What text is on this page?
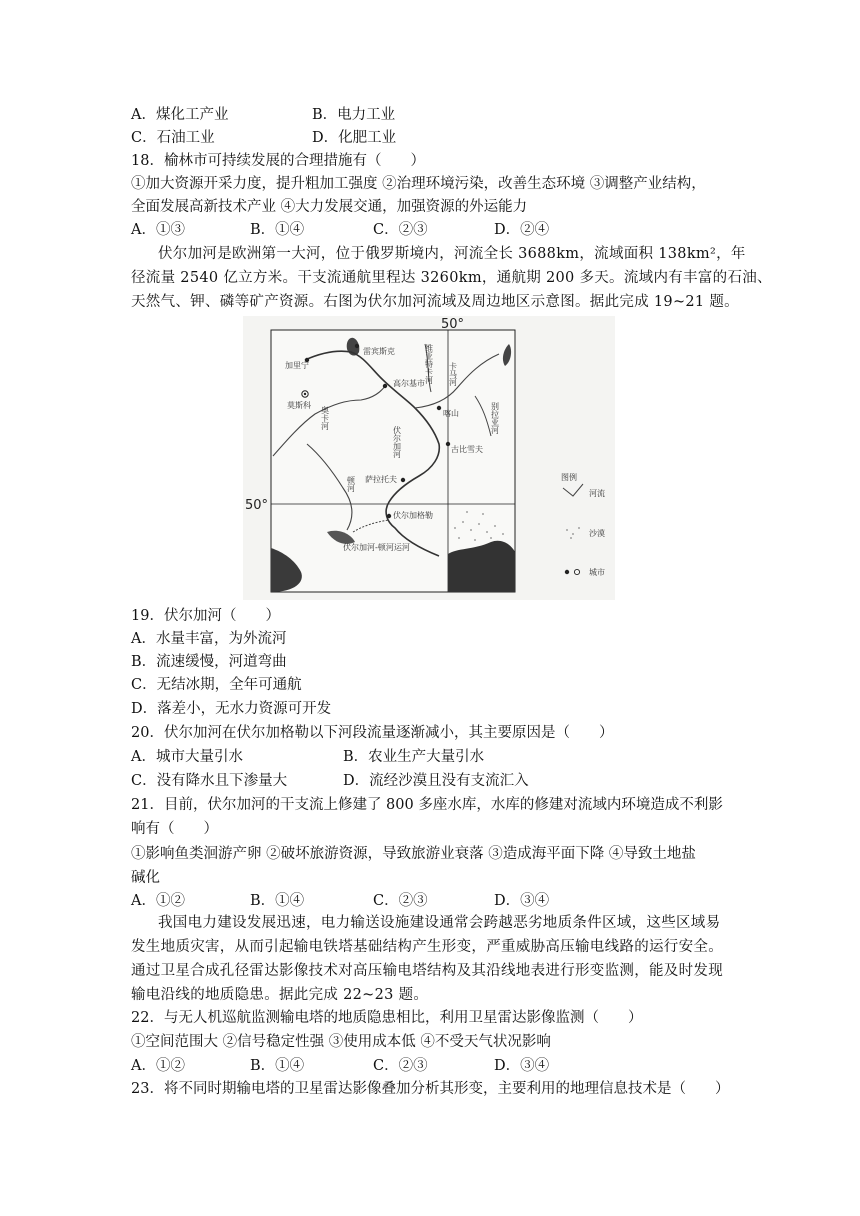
A．煤化工产业	B．电力工业
C．石油工业	D．化肥工业
18．榆林市可持续发展的合理措施有（　　）
①加大资源开采力度，提升粗加工强度 ②治理环境污染，改善生态环境 ③调整产业结构，
全面发展高新技术产业 ④大力发展交通，加强资源的外运能力
A．①③	B．①④	C．②③	D．②④
伏尔加河是欧洲第一大河，位于俄罗斯境内，河流全长 3688km，流域面积 138km²，年
径流量 2540 亿立方米。干支流通航里程达 3260km，通航期 200 多天。流域内有丰富的石油、
天然气、钾、磷等矿产资源。右图为伏尔加河流域及周边地区示意图。据此完成 19~21 题。
50°
50°
加里宁
雷宾斯克
莫斯科
高尔基市
喀山
古比雪夫
萨拉托夫
伏尔加格勒
奥卡河
伏尔加河
卡马河
维亚特卡河
别拉亚河
顿河
伏尔加河-顿河运河
图例
河流
沙漠
城市
19．伏尔加河（　　）
A．水量丰富，为外流河
B．流速缓慢，河道弯曲
C．无结冰期，全年可通航
D．落差小，无水力资源可开发
20．伏尔加河在伏尔加格勒以下河段流量逐渐减小，其主要原因是（　　）
A．城市大量引水	B．农业生产大量引水
C．没有降水且下渗量大	D．流经沙漠且没有支流汇入
21．目前，伏尔加河的干支流上修建了 800 多座水库，水库的修建对流域内环境造成不利影
响有（　　）
①影响鱼类洄游产卵 ②破坏旅游资源，导致旅游业衰落 ③造成海平面下降 ④导致土地盐
碱化
A．①②	B．①④	C．②③	D．③④
我国电力建设发展迅速，电力输送设施建设通常会跨越恶劣地质条件区域，这些区域易
发生地质灾害，从而引起输电铁塔基础结构产生形变，严重威胁高压输电线路的运行安全。
通过卫星合成孔径雷达影像技术对高压输电塔结构及其沿线地表进行形变监测，能及时发现
输电沿线的地质隐患。据此完成 22~23 题。
22．与无人机巡航监测输电塔的地质隐患相比，利用卫星雷达影像监测（　　）
①空间范围大 ②信号稳定性强 ③使用成本低 ④不受天气状况影响
A．①②	B．①④	C．②③	D．③④
23．将不同时期输电塔的卫星雷达影像叠加分析其形变，主要利用的地理信息技术是（　　）
